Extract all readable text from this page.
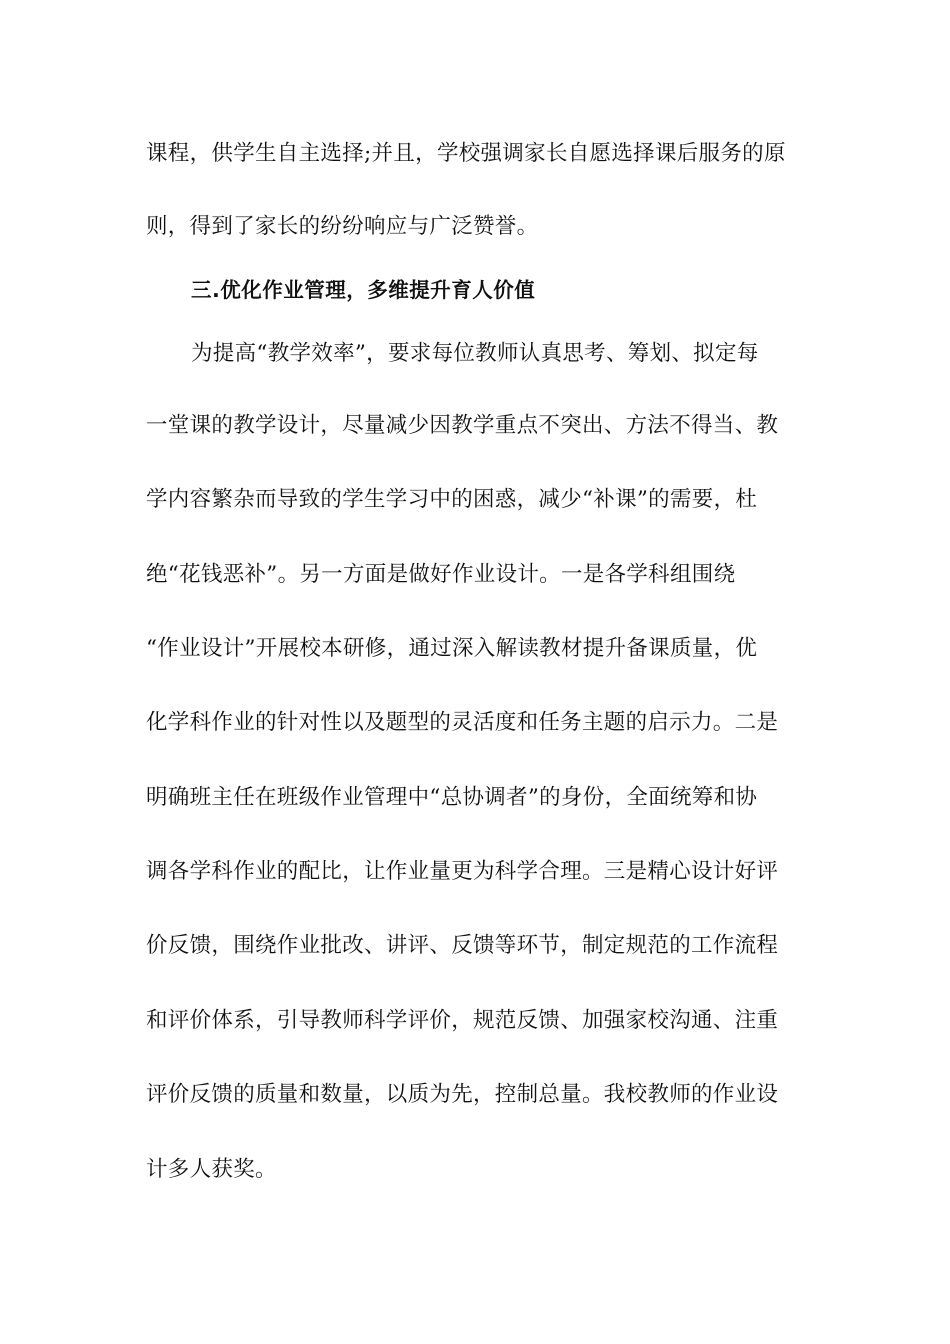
课程，供学生自主选择;并且，学校强调家长自愿选择课后服务的原
则，得到了家长的纷纷响应与广泛赞誉。
三.优化作业管理，多维提升育人价值
为提高“教学效率”，要求每位教师认真思考、筹划、拟定每
一堂课的教学设计，尽量减少因教学重点不突出、方法不得当、教
学内容繁杂而导致的学生学习中的困惑，减少“补课”的需要，杜
绝“花钱恶补”。另一方面是做好作业设计。一是各学科组围绕
“作业设计”开展校本研修，通过深入解读教材提升备课质量，优
化学科作业的针对性以及题型的灵活度和任务主题的启示力。二是
明确班主任在班级作业管理中“总协调者”的身份，全面统筹和协
调各学科作业的配比，让作业量更为科学合理。三是精心设计好评
价反馈，围绕作业批改、讲评、反馈等环节，制定规范的工作流程
和评价体系，引导教师科学评价，规范反馈、加强家校沟通、注重
评价反馈的质量和数量，以质为先，控制总量。我校教师的作业设
计多人获奖。
